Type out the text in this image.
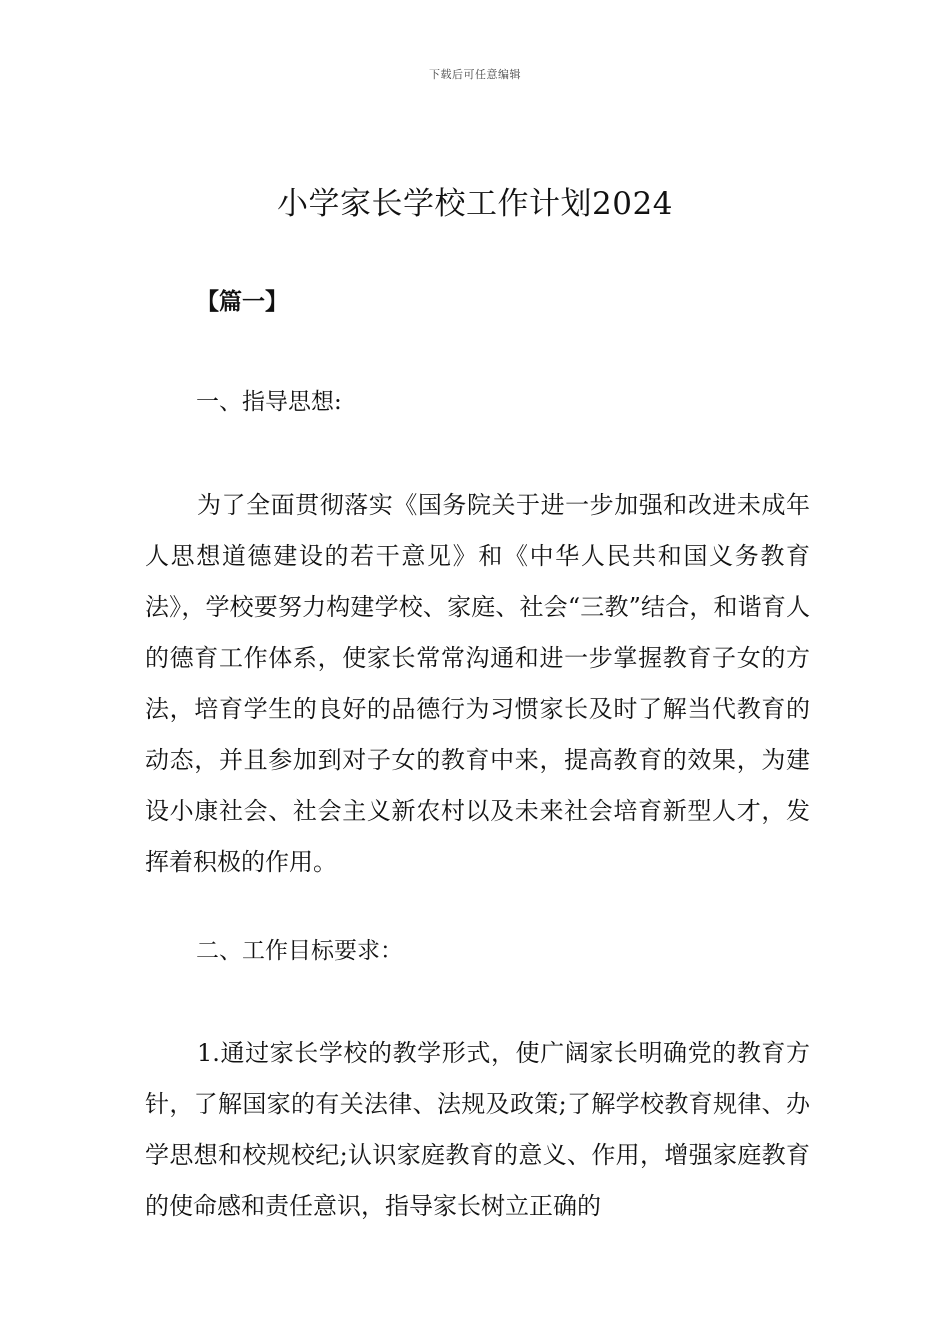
下载后可任意编辑
小学家长学校工作计划2024
【篇一】
一、指导思想:

为了全面贯彻落实《国务院关于进一步加强和改进未成年人思想道德建设的若干意见》和《中华人民共和国义务教育法》，学校要努力构建学校、家庭、社会“三教”结合，和谐育人的德育工作体系，使家长常常沟通和进一步掌握教育子女的方法，培育学生的良好的品德行为习惯家长及时了解当代教育的动态，并且参加到对子女的教育中来，提高教育的效果，为建设小康社会、社会主义新农村以及未来社会培育新型人才，发挥着积极的作用。

二、工作目标要求：

1.通过家长学校的教学形式，使广阔家长明确党的教育方针，了解国家的有关法律、法规及政策;了解学校教育规律、办学思想和校规校纪;认识家庭教育的意义、作用，增强家庭教育的使命感和责任意识，指导家长树立正确的
